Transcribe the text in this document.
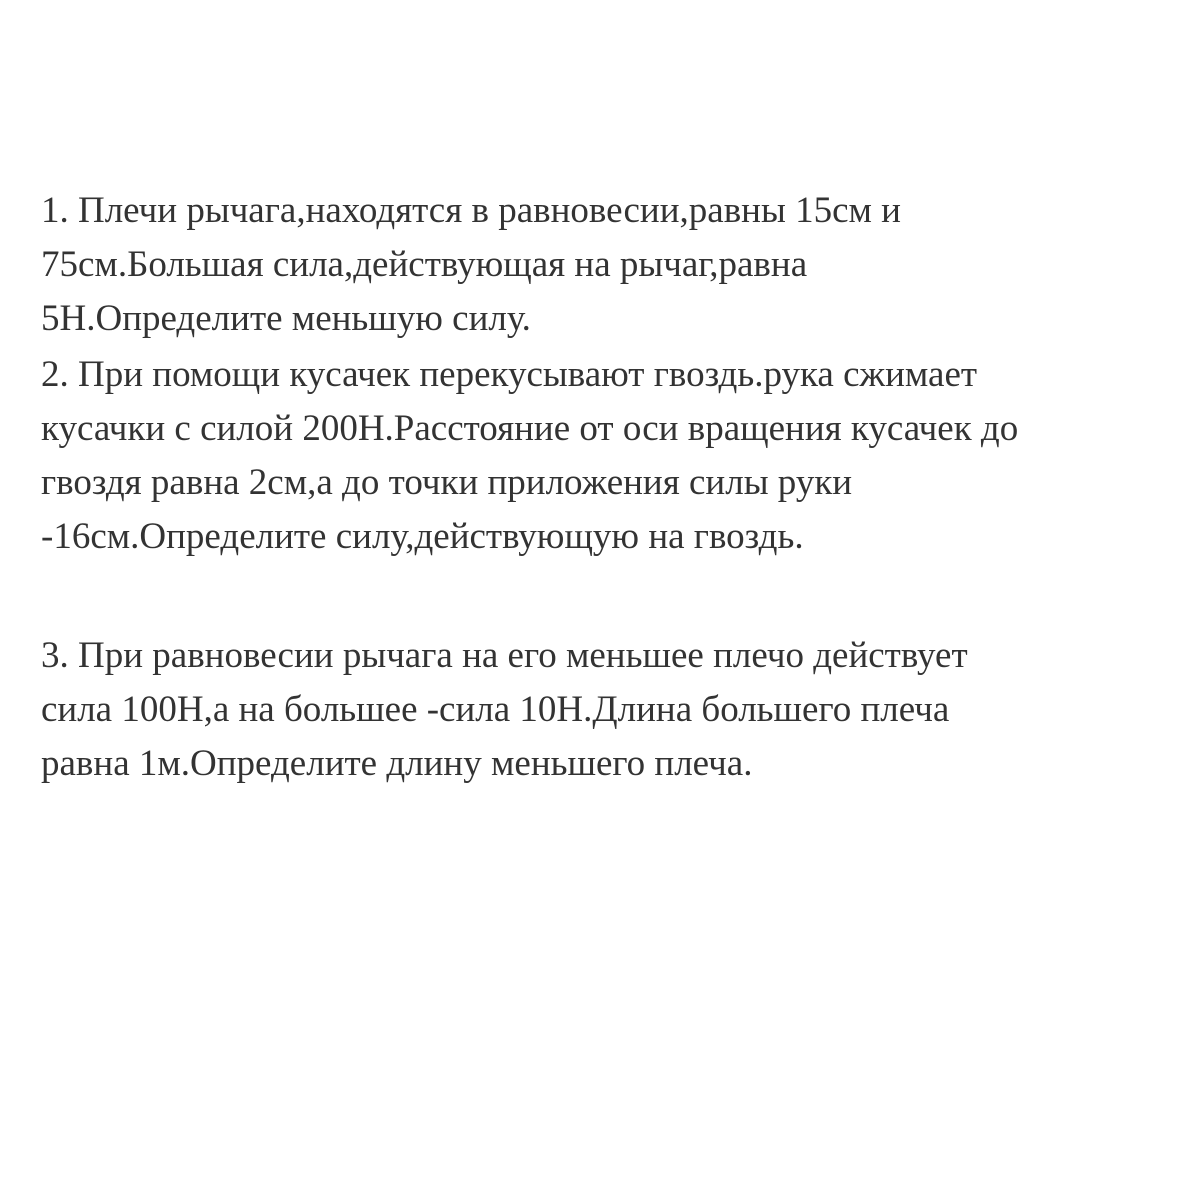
1. Плечи рычага,находятся в равновесии,равны 15см и
75см.Большая сила,действующая на рычаг,равна
5Н.Определите меньшую силу.

2. При помощи кусачек перекусывают гвоздь.рука сжимает
кусачки с силой 200Н.Расстояние от оси вращения кусачек до
гвоздя равна 2см,а до точки приложения силы руки
-16см.Определите силу,действующую на гвоздь.

3. При равновесии рычага на его меньшее плечо действует
сила 100Н,а на большее -сила 10Н.Длина большего плеча
равна 1м.Определите длину меньшего плеча.
